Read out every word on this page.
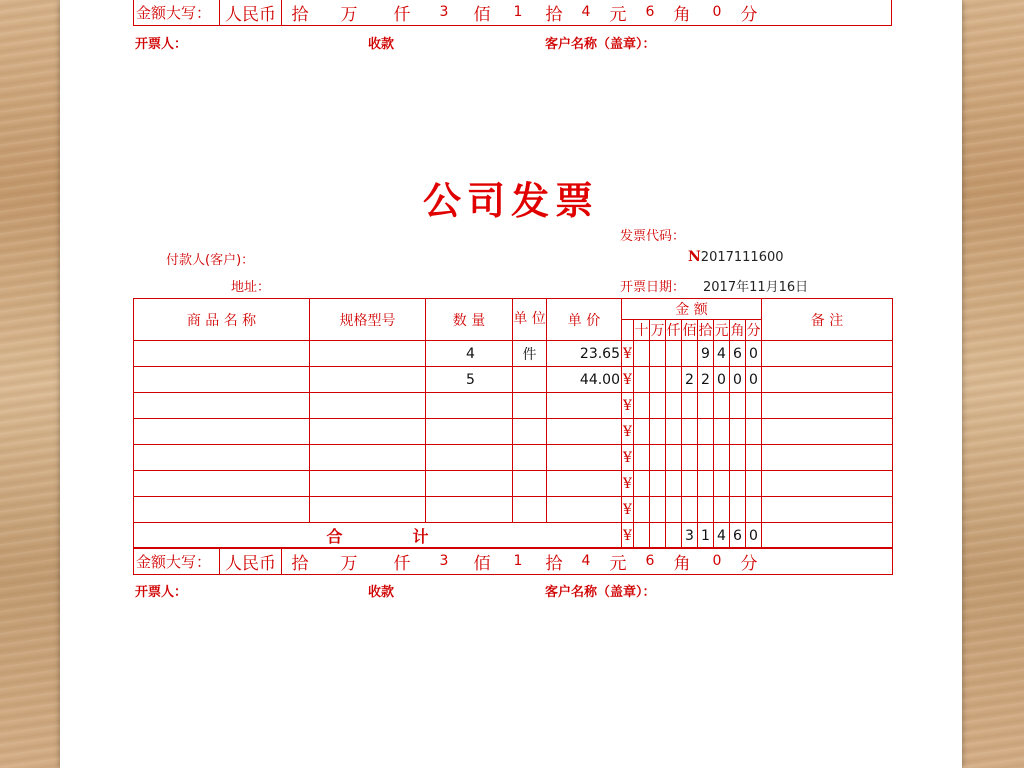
金额大写：	人民币	拾	万	仟	3	佰	1	拾	4	元	6	角	0	分
开票人：	收款	客户名称（盖章）：
公司发票
发票代码：
付款人(客户)：	N2017111600
地址：	开票日期： 2017年11月16日
商 品 名 称	规格型号	数 量	单 位	单 价	金 额									备 注
						十	万	仟	佰	拾	元	角	分	
		4	件	23.65	¥					9	4	6	0	
		5		44.00	¥				2	2	0	0	0	
					¥									
					¥									
					¥									
					¥									
					¥									
合 计					¥				3	1	4	6	0	
金额大写：	人民币	拾	万	仟	3	佰	1	拾	4	元	6	角	0	分
开票人：	收款	客户名称（盖章）：
